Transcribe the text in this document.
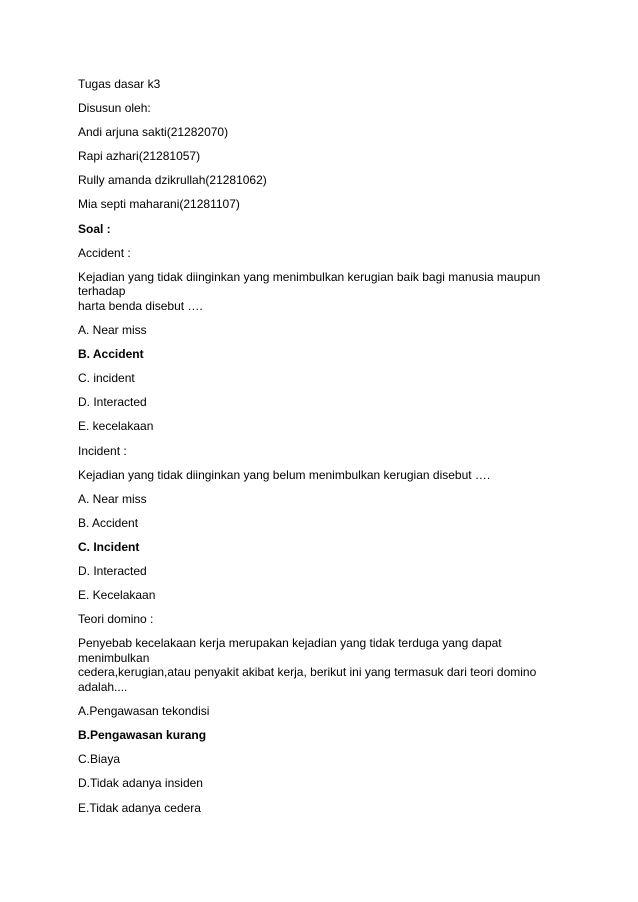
Tugas dasar k3

Disusun oleh:

Andi arjuna sakti(21282070)

Rapi azhari(21281057)

Rully amanda dzikrullah(21281062)

Mia septi maharani(21281107)

Soal :

Accident :

Kejadian yang tidak diinginkan yang menimbulkan kerugian baik bagi manusia maupun terhadap
harta benda disebut ….

A. Near miss

B. Accident

C. incident

D. Interacted

E. kecelakaan

Incident :

Kejadian yang tidak diinginkan yang belum menimbulkan kerugian disebut ….

A. Near miss

B. Accident

C. Incident

D. Interacted

E. Kecelakaan

Teori domino :

Penyebab kecelakaan kerja merupakan kejadian yang tidak terduga yang dapat menimbulkan
cedera,kerugian,atau penyakit akibat kerja, berikut ini yang termasuk dari teori domino adalah....

A.Pengawasan tekondisi

B.Pengawasan kurang

C.Biaya

D.Tidak adanya insiden

E.Tidak adanya cedera
